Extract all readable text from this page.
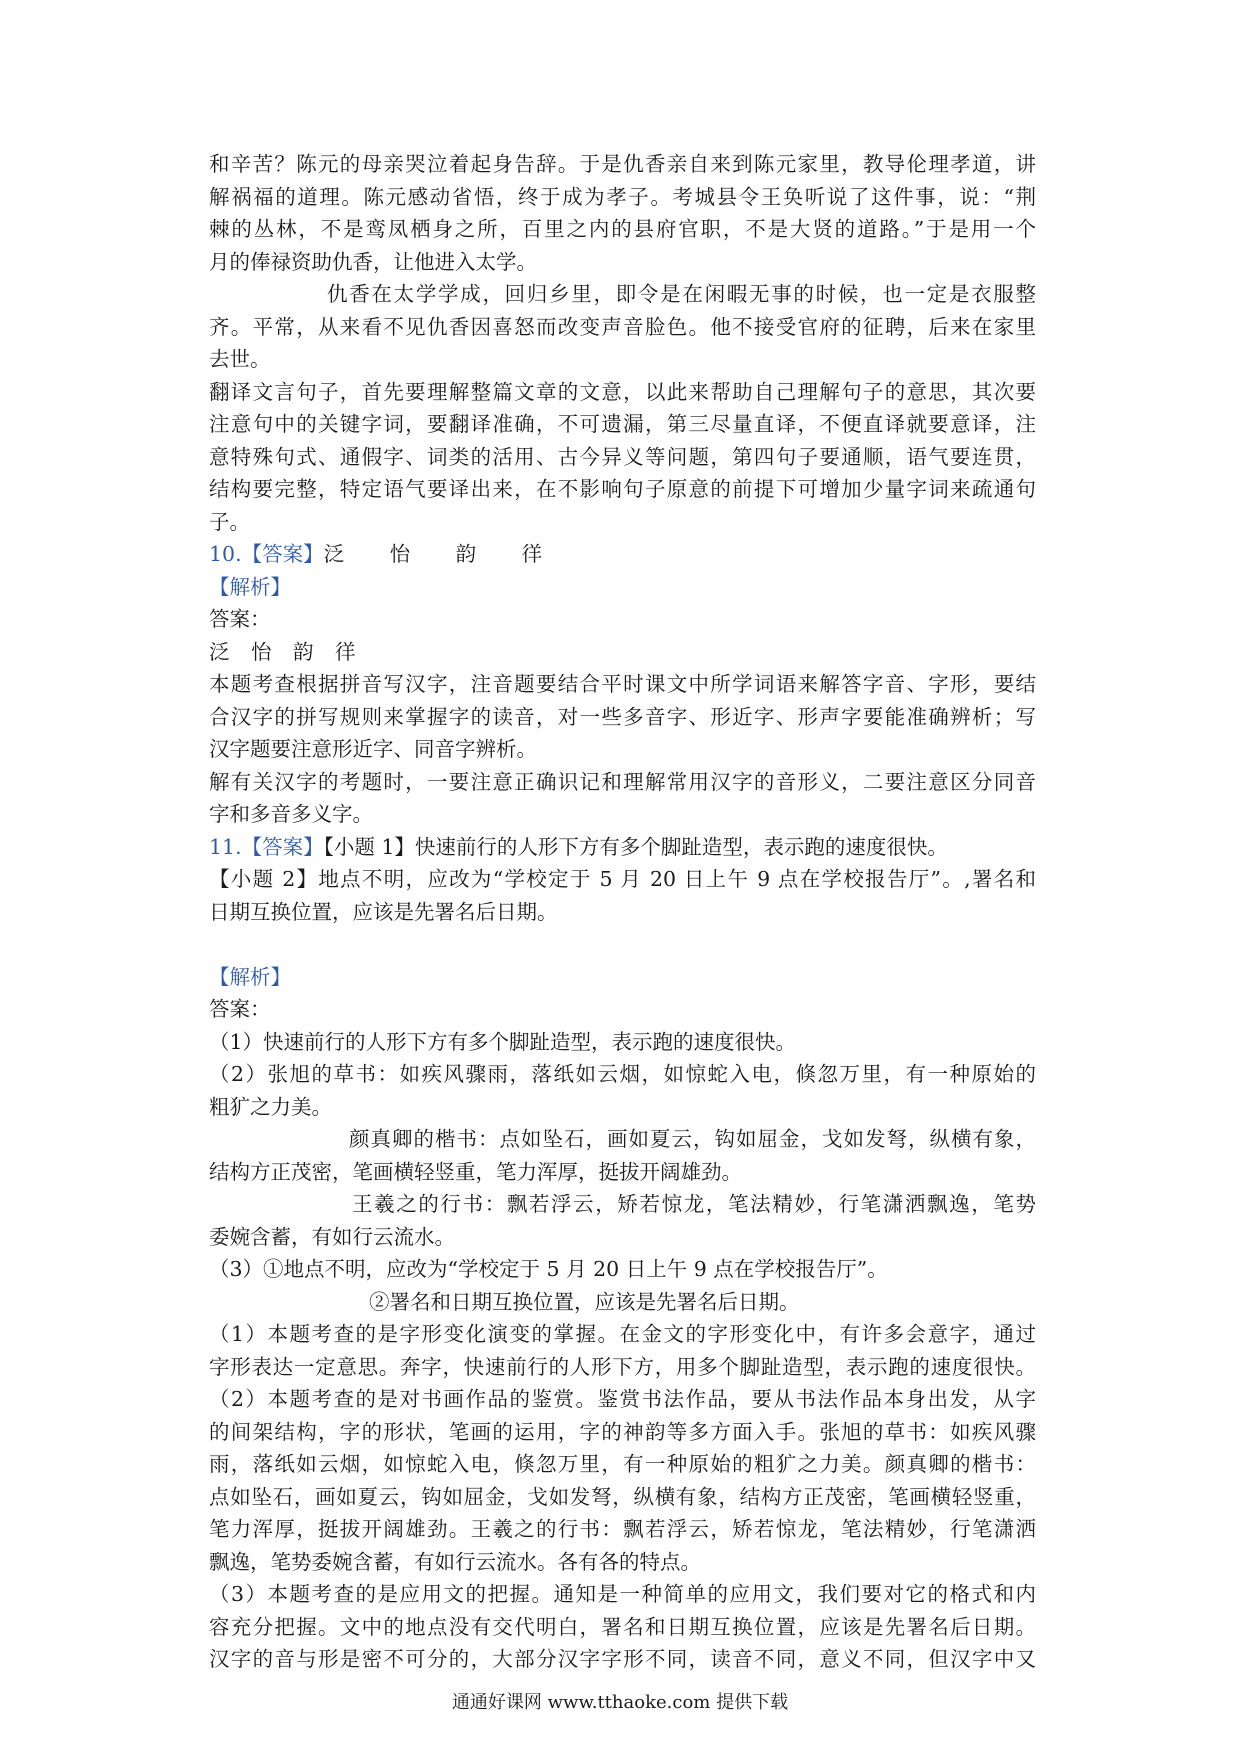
和辛苦？陈元的母亲哭泣着起身告辞。于是仇香亲自来到陈元家里，教导伦理孝道，讲
解祸福的道理。陈元感动省悟，终于成为孝子。考城县令王奂听说了这件事，说：“荆
棘的丛林，不是鸾凤栖身之所，百里之内的县府官职，不是大贤的道路。”于是用一个
月的俸禄资助仇香，让他进入太学。
仇香在太学学成，回归乡里，即令是在闲暇无事的时候，也一定是衣服整
齐。平常，从来看不见仇香因喜怒而改变声音脸色。他不接受官府的征聘，后来在家里
去世。
翻译文言句子，首先要理解整篇文章的文意，以此来帮助自己理解句子的意思，其次要
注意句中的关键字词，要翻译准确，不可遗漏，第三尽量直译，不便直译就要意译，注
意特殊句式、通假字、词类的活用、古今异义等问题，第四句子要通顺，语气要连贯，
结构要完整，特定语气要译出来，在不影响句子原意的前提下可增加少量字词来疏通句
子。
10.【答案】泛 怡 韵 徉
【解析】
答案：
泛 怡 韵 徉
本题考查根据拼音写汉字，注音题要结合平时课文中所学词语来解答字音、字形，要结
合汉字的拼写规则来掌握字的读音，对一些多音字、形近字、形声字要能准确辨析；写
汉字题要注意形近字、同音字辨析。
解有关汉字的考题时，一要注意正确识记和理解常用汉字的音形义，二要注意区分同音
字和多音多义字。
11.【答案】【小题 1】快速前行的人形下方有多个脚趾造型，表示跑的速度很快。
【小题 2】地点不明，应改为“学校定于 5 月 20 日上午 9 点在学校报告厅”。,署名和
日期互换位置，应该是先署名后日期。
【解析】
答案：
（1）快速前行的人形下方有多个脚趾造型，表示跑的速度很快。
（2）张旭的草书：如疾风骤雨，落纸如云烟，如惊蛇入电，倏忽万里，有一种原始的
粗犷之力美。
颜真卿的楷书：点如坠石，画如夏云，钩如屈金，戈如发弩，纵横有象，
结构方正茂密，笔画横轻竖重，笔力浑厚，挺拔开阔雄劲。
王羲之的行书：飘若浮云，矫若惊龙，笔法精妙，行笔潇洒飘逸，笔势
委婉含蓄，有如行云流水。
（3）①地点不明，应改为“学校定于 5 月 20 日上午 9 点在学校报告厅”。
②署名和日期互换位置，应该是先署名后日期。
（1）本题考查的是字形变化演变的掌握。在金文的字形变化中，有许多会意字，通过
字形表达一定意思。奔字，快速前行的人形下方，用多个脚趾造型，表示跑的速度很快。
（2）本题考查的是对书画作品的鉴赏。鉴赏书法作品，要从书法作品本身出发，从字
的间架结构，字的形状，笔画的运用，字的神韵等多方面入手。张旭的草书：如疾风骤
雨，落纸如云烟，如惊蛇入电，倏忽万里，有一种原始的粗犷之力美。颜真卿的楷书：
点如坠石，画如夏云，钩如屈金，戈如发弩，纵横有象，结构方正茂密，笔画横轻竖重，
笔力浑厚，挺拔开阔雄劲。王羲之的行书：飘若浮云，矫若惊龙，笔法精妙，行笔潇洒
飘逸，笔势委婉含蓄，有如行云流水。各有各的特点。
（3）本题考查的是应用文的把握。通知是一种简单的应用文，我们要对它的格式和内
容充分把握。文中的地点没有交代明白，署名和日期互换位置，应该是先署名后日期。
汉字的音与形是密不可分的，大部分汉字字形不同，读音不同，意义不同，但汉字中又
通通好课网 www.tthaoke.com 提供下载
